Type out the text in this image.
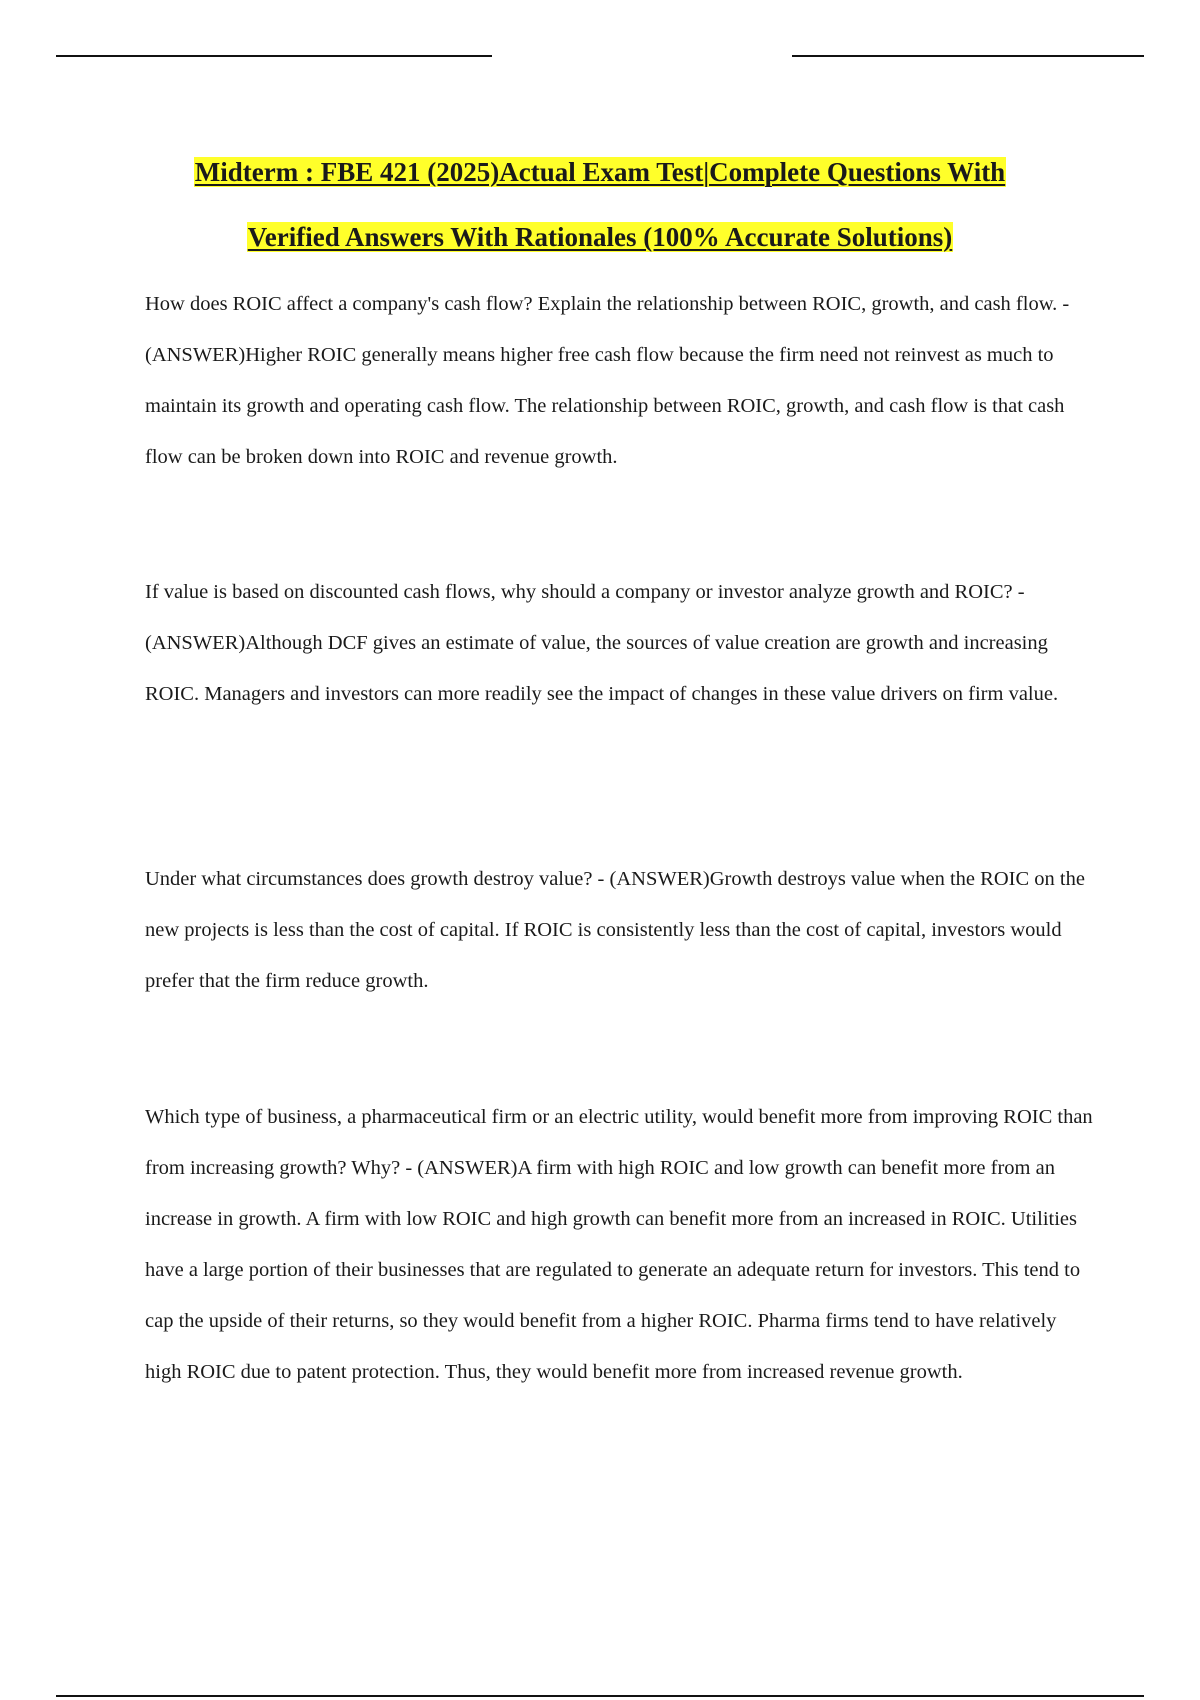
Midterm : FBE 421 (2025)Actual Exam Test|Complete Questions With
Verified Answers With Rationales (100% Accurate Solutions)

How does ROIC affect a company's cash flow? Explain the relationship between ROIC, growth, and cash flow. - (ANSWER)Higher ROIC generally means higher free cash flow because the firm need not reinvest as much to maintain its growth and operating cash flow. The relationship between ROIC, growth, and cash flow is that cash flow can be broken down into ROIC and revenue growth.

If value is based on discounted cash flows, why should a company or investor analyze growth and ROIC? - (ANSWER)Although DCF gives an estimate of value, the sources of value creation are growth and increasing ROIC. Managers and investors can more readily see the impact of changes in these value drivers on firm value.

Under what circumstances does growth destroy value? - (ANSWER)Growth destroys value when the ROIC on the new projects is less than the cost of capital. If ROIC is consistently less than the cost of capital, investors would prefer that the firm reduce growth.

Which type of business, a pharmaceutical firm or an electric utility, would benefit more from improving ROIC than from increasing growth? Why? - (ANSWER)A firm with high ROIC and low growth can benefit more from an increase in growth. A firm with low ROIC and high growth can benefit more from an increased in ROIC. Utilities have a large portion of their businesses that are regulated to generate an adequate return for investors. This tend to cap the upside of their returns, so they would benefit from a higher ROIC. Pharma firms tend to have relatively high ROIC due to patent protection. Thus, they would benefit more from increased revenue growth.
